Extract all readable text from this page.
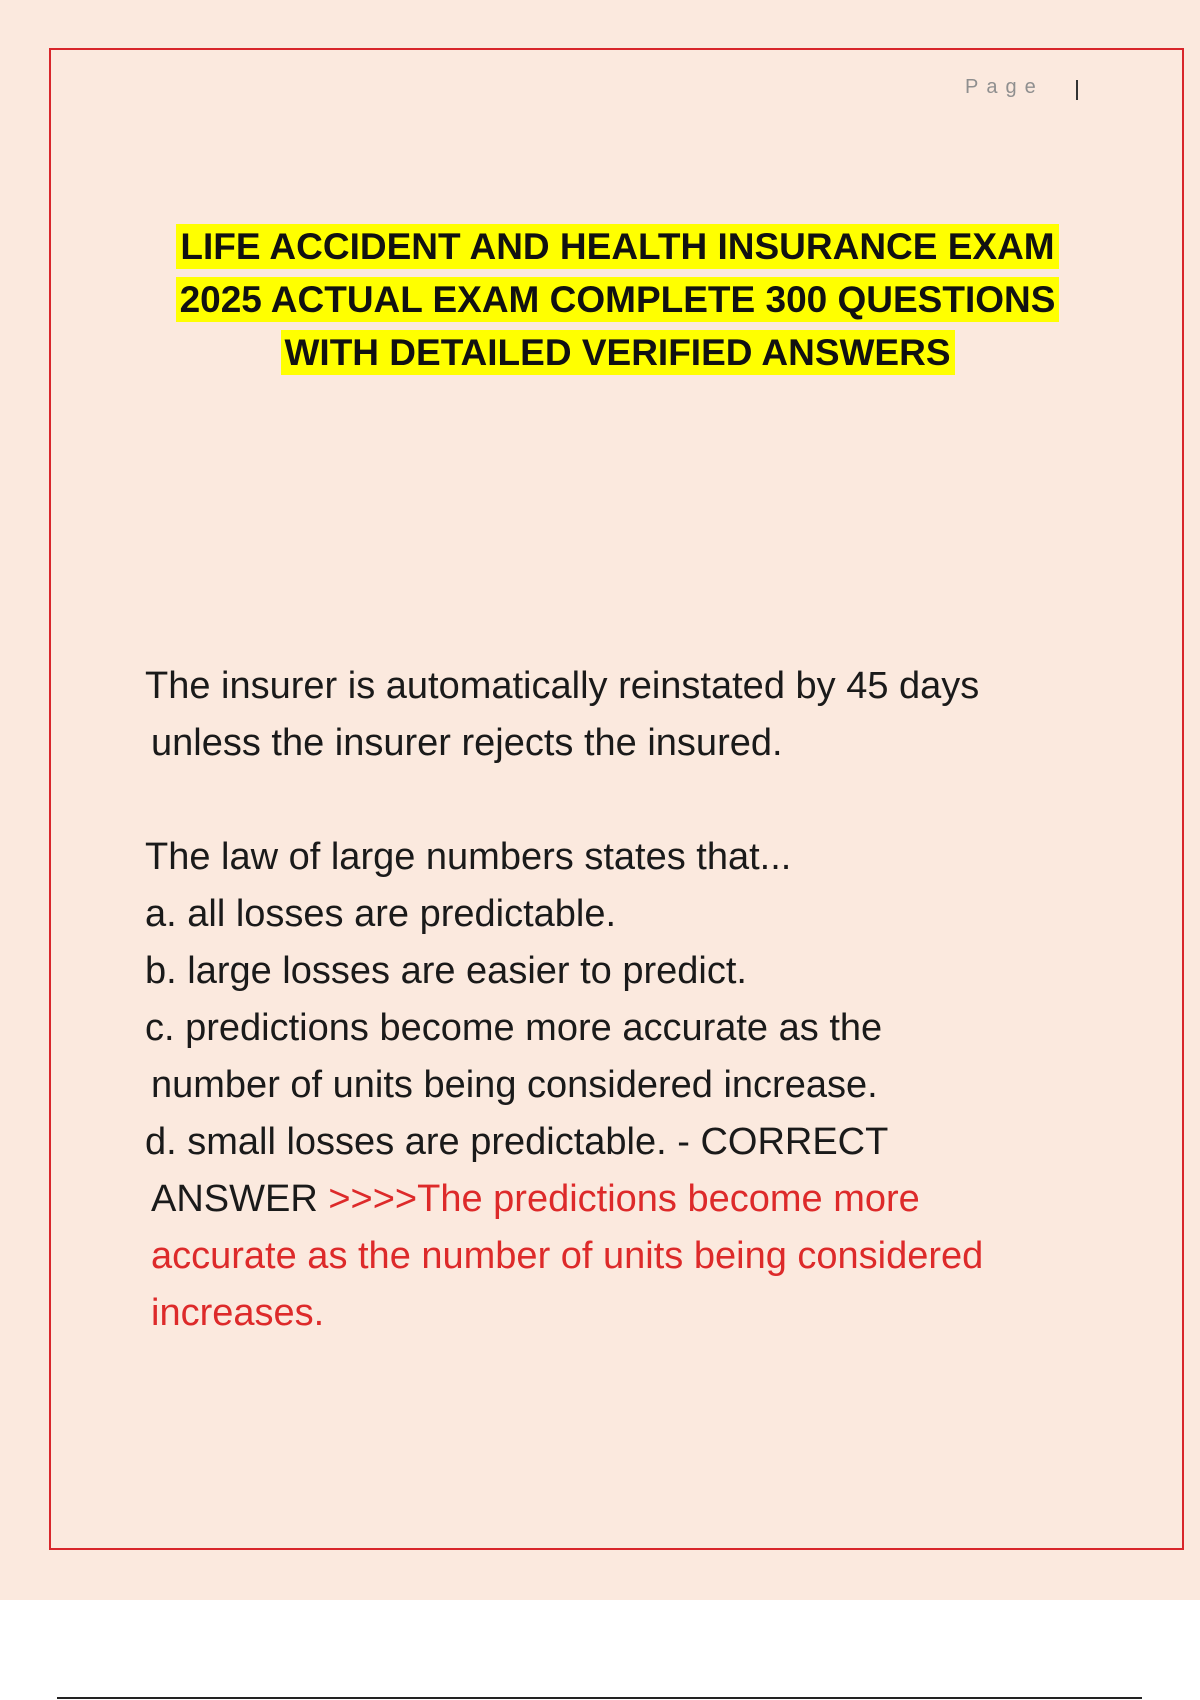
Page
LIFE ACCIDENT AND HEALTH INSURANCE EXAM
2025 ACTUAL EXAM COMPLETE 300 QUESTIONS
WITH DETAILED VERIFIED ANSWERS
The insurer is automatically reinstated by 45 days
unless the insurer rejects the insured.
The law of large numbers states that...
a. all losses are predictable.
b. large losses are easier to predict.
c. predictions become more accurate as the
number of units being considered increase.
d. small losses are predictable. - CORRECT
ANSWER >>>>The predictions become more
accurate as the number of units being considered
increases.
